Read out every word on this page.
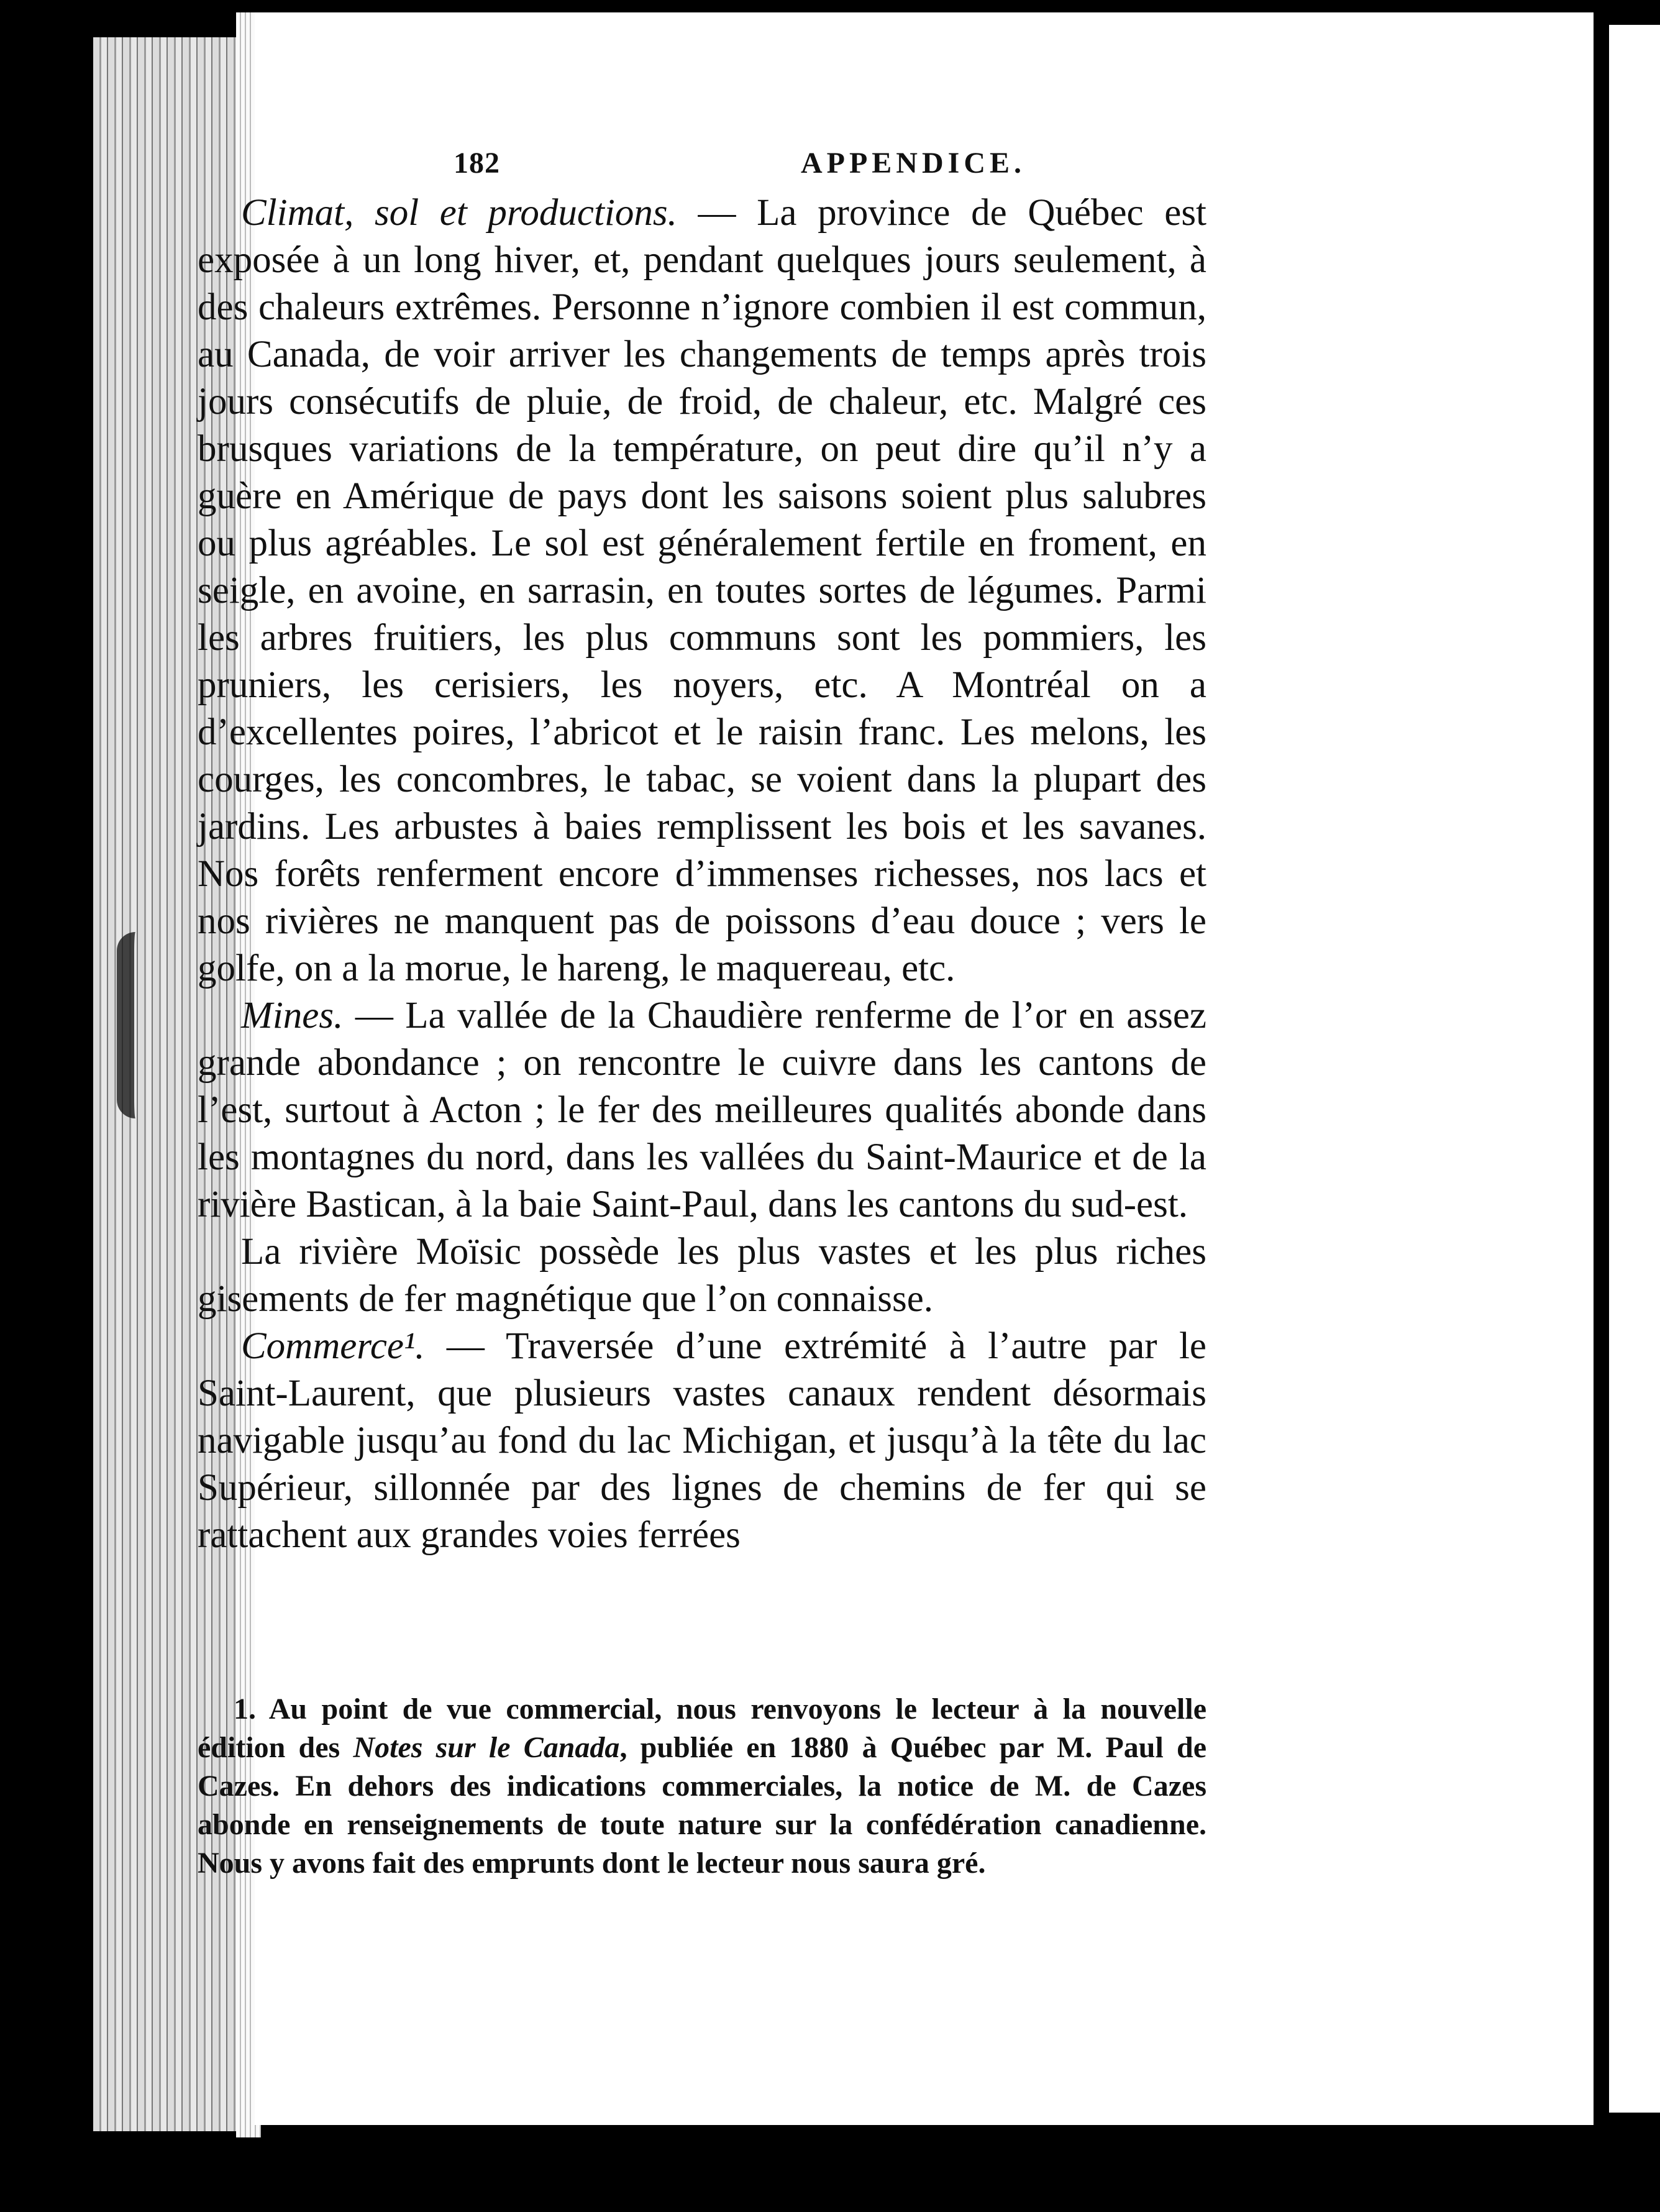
182	APPENDICE.

Climat, sol et productions. — La province de Québec est exposée à un long hiver, et, pendant quelques jours seulement, à des chaleurs extrêmes. Personne n’ignore combien il est commun, au Canada, de voir arriver les changements de temps après trois jours consécutifs de pluie, de froid, de chaleur, etc. Malgré ces brusques variations de la température, on peut dire qu’il n’y a guère en Amérique de pays dont les saisons soient plus salubres ou plus agréables. Le sol est généralement fertile en froment, en seigle, en avoine, en sarrasin, en toutes sortes de légumes. Parmi les arbres fruitiers, les plus communs sont les pommiers, les pruniers, les cerisiers, les noyers, etc. A Montréal on a d’excellentes poires, l’abricot et le raisin franc. Les melons, les courges, les concombres, le tabac, se voient dans la plupart des jardins. Les arbustes à baies remplissent les bois et les savanes. Nos forêts renferment encore d’immenses richesses, nos lacs et nos rivières ne manquent pas de poissons d’eau douce ; vers le golfe, on a la morue, le hareng, le maquereau, etc.

Mines. — La vallée de la Chaudière renferme de l’or en assez grande abondance ; on rencontre le cuivre dans les cantons de l’est, surtout à Acton ; le fer des meilleures qualités abonde dans les montagnes du nord, dans les vallées du Saint-Maurice et de la rivière Bastican, à la baie Saint-Paul, dans les cantons du sud-est.

La rivière Moïsic possède les plus vastes et les plus riches gisements de fer magnétique que l’on connaisse.

Commerce¹. — Traversée d’une extrémité à l’autre par le Saint-Laurent, que plusieurs vastes canaux rendent désormais navigable jusqu’au fond du lac Michigan, et jusqu’à la tête du lac Supérieur, sillonnée par des lignes de chemins de fer qui se rattachent aux grandes voies ferrées

1. Au point de vue commercial, nous renvoyons le lecteur à la nouvelle édition des Notes sur le Canada, publiée en 1880 à Québec par M. Paul de Cazes. En dehors des indications commerciales, la notice de M. de Cazes abonde en renseignements de toute nature sur la confédération canadienne. Nous y avons fait des emprunts dont le lecteur nous saura gré.
